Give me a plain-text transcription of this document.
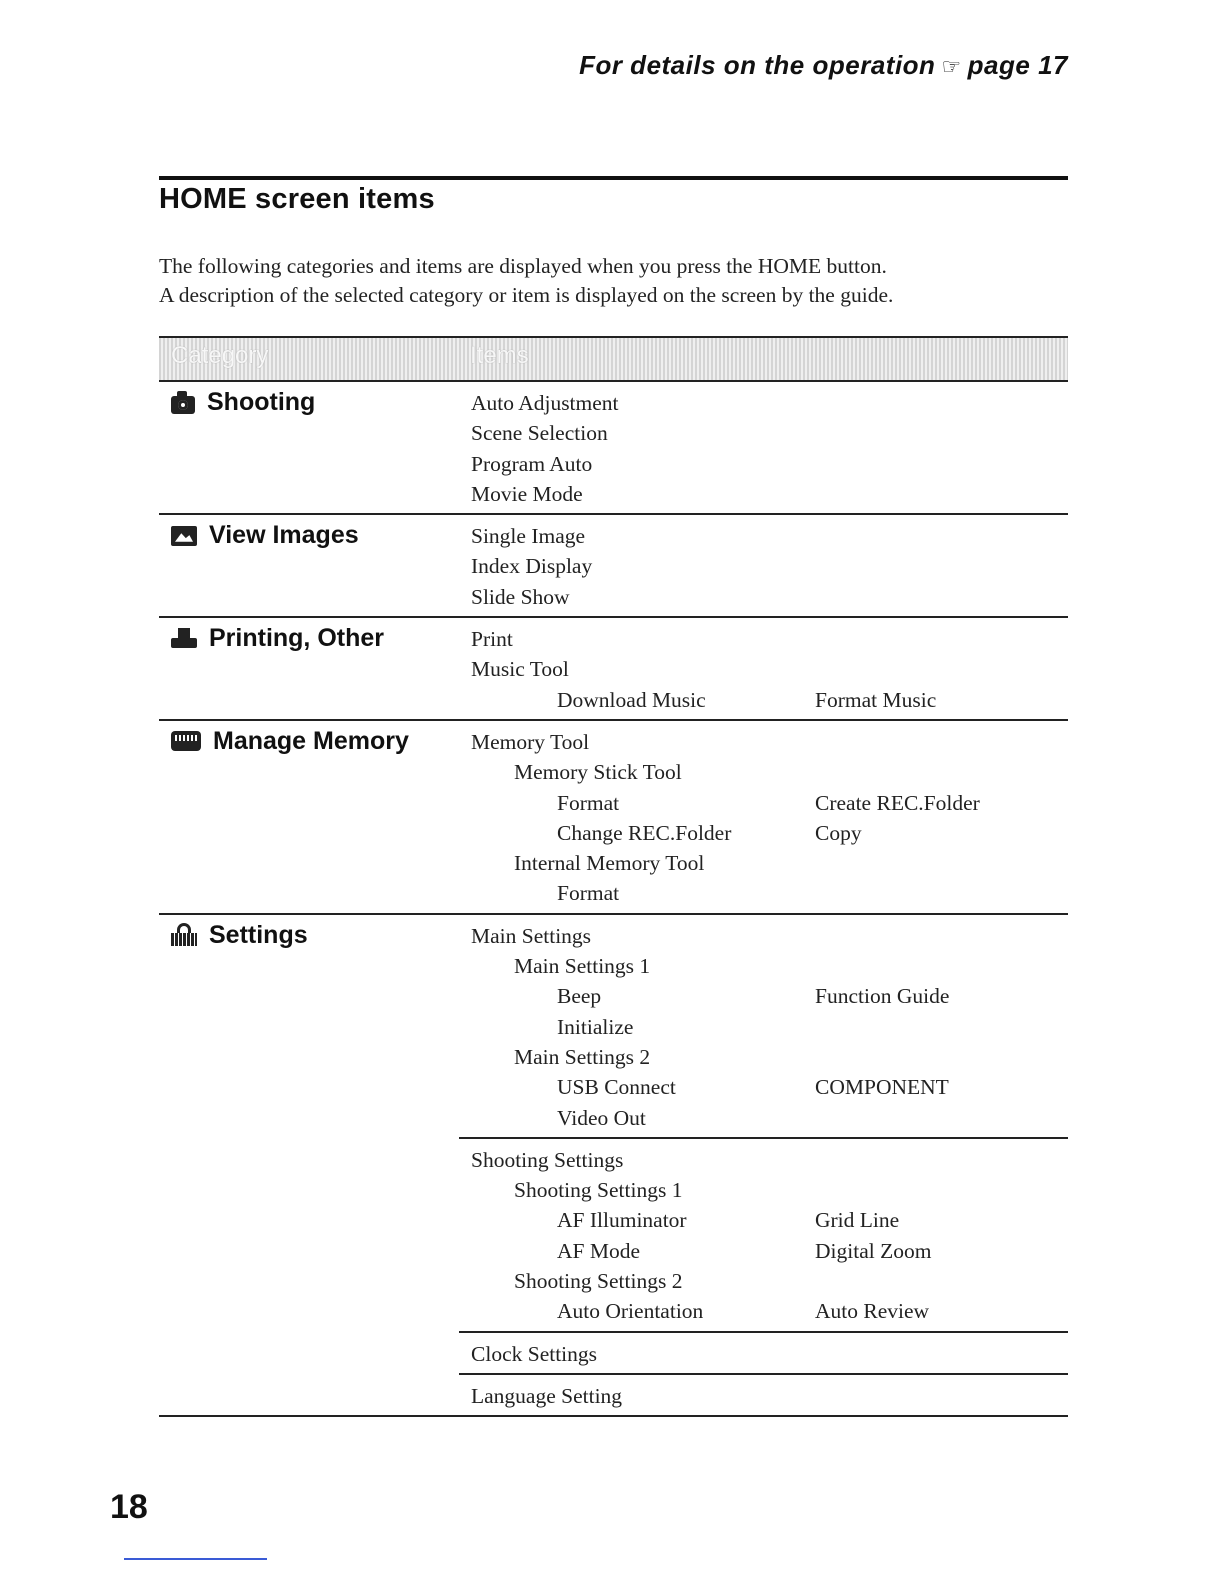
For details on the operation ☞ page 17
HOME screen items

The following categories and items are displayed when you press the HOME button.

A description of the selected category or item is displayed on the screen by the guide.

Category	Items
Shooting	Auto Adjustment
Scene Selection
Program Auto
Movie Mode
View Images	Single Image
Index Display
Slide Show
Printing, Other	Print
Music Tool
Download Music	Format Music
Manage Memory	Memory Tool
Memory Stick Tool
Format	Create REC.Folder
Change REC.Folder	Copy
Internal Memory Tool
Format
Settings	Main Settings
Main Settings 1
Beep	Function Guide
Initialize
Main Settings 2
USB Connect	COMPONENT
Video Out
Shooting Settings
Shooting Settings 1
AF Illuminator	Grid Line
AF Mode	Digital Zoom
Shooting Settings 2
Auto Orientation	Auto Review
Clock Settings
Language Setting
18
